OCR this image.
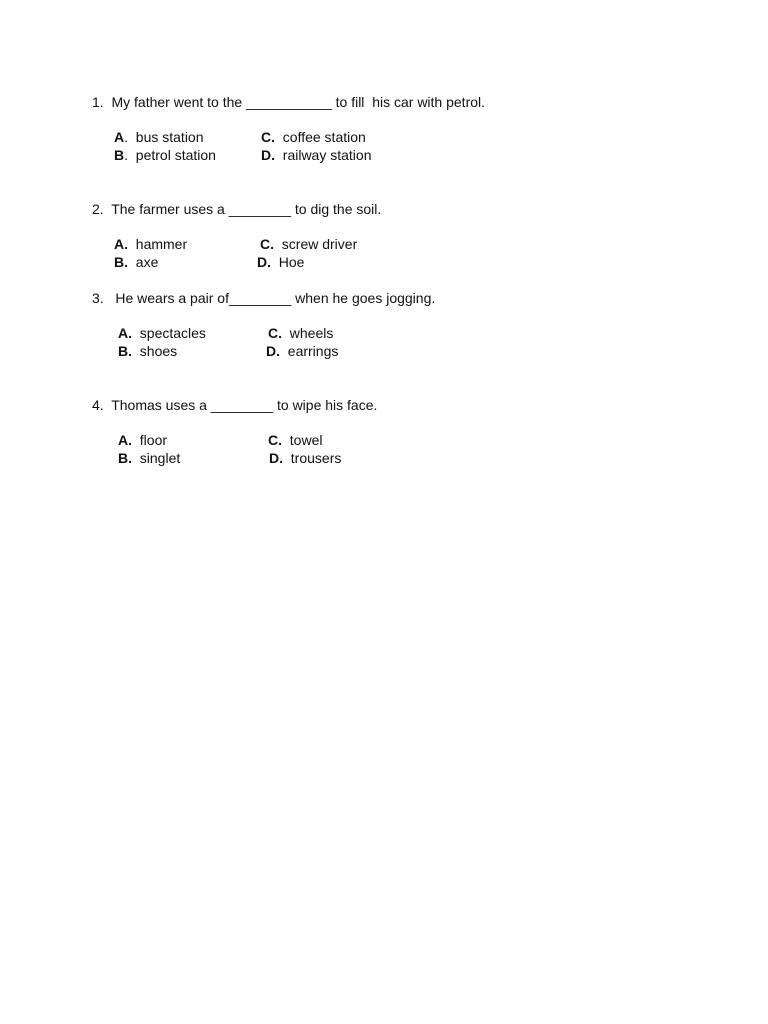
1. My father went to the ___________ to fill  his car with petrol.
A. bus station	C. coffee station
B. petrol station	D. railway station
2. The farmer uses a ________ to dig the soil.
A. hammer	C. screw driver
B. axe	D. Hoe
3.   He wears a pair of________ when he goes jogging.
A. spectacles	C. wheels
B. shoes	D. earrings
4. Thomas uses a ________ to wipe his face.
A. floor	C. towel
B. singlet	D. trousers
